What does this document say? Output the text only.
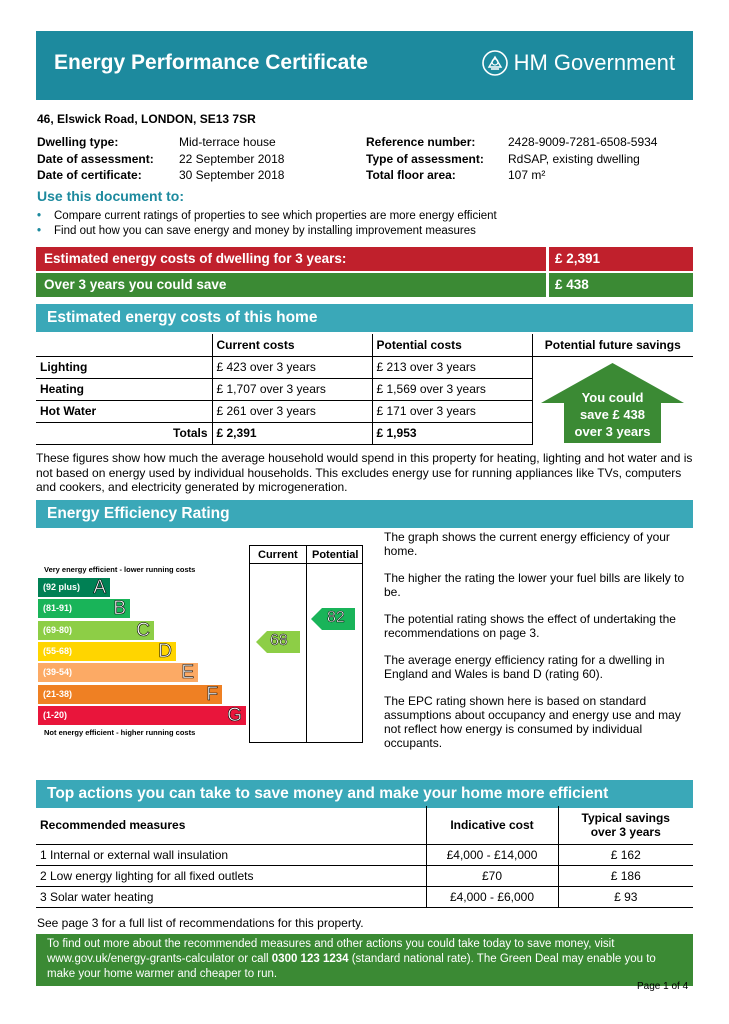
Energy Performance Certificate	HM Government
46, Elswick Road, LONDON, SE13 7SR
Dwelling type:	Mid-terrace house
Date of assessment: 22 September 2018
Date of certificate:	30 September 2018
Reference number:	2428-9009-7281-6508-5934
Type of assessment: RdSAP, existing dwelling
Total floor area:	107 m²
Use this document to:
• Compare current ratings of properties to see which properties are more energy efficient
• Find out how you can save energy and money by installing improvement measures
Estimated energy costs of dwelling for 3 years:	£ 2,391
Over 3 years you could save	£ 438
Estimated energy costs of this home
	Current costs	Potential costs	Potential future savings
Lighting	£ 423 over 3 years	£ 213 over 3 years	
Heating	£ 1,707 over 3 years	£ 1,569 over 3 years	
Hot Water	£ 261 over 3 years	£ 171 over 3 years	
Totals	£ 2,391	£ 1,953	
You could
save £ 438
over 3 years
These figures show how much the average household would spend in this property for heating, lighting and hot water and is not based on energy used by individual households. This excludes energy use for running appliances like TVs, computers and cookers, and electricity generated by microgeneration.
Energy Efficiency Rating
Current Potential
Very energy efficient - lower running costs
Not energy efficient - higher running costs
(92 plus) A
(81-91) B
(69-80)	C
(55-68)	D
(39-54)	E
(21-38)	F
(1-20)	G
68
82
The graph shows the current energy efficiency of your home.
The higher the rating the lower your fuel bills are likely to be.
The potential rating shows the effect of undertaking the recommendations on page 3.
The average energy efficiency rating for a dwelling in England and Wales is band D (rating 60).
The EPC rating shown here is based on standard assumptions about occupancy and energy use and may not reflect how energy is consumed by individual occupants.
Top actions you can take to save money and make your home more efficient
Recommended measures	Indicative cost	Typical savings over 3 years
1 Internal or external wall insulation	£4,000 - £14,000	£ 162
2 Low energy lighting for all fixed outlets	£70	£ 186
3 Solar water heating	£4,000 - £6,000	£ 93
See page 3 for a full list of recommendations for this property.
To find out more about the recommended measures and other actions you could take today to save money, visit www.gov.uk/energy-grants-calculator or call 0300 123 1234 (standard national rate). The Green Deal may enable you to make your home warmer and cheaper to run.
Page 1 of 4
